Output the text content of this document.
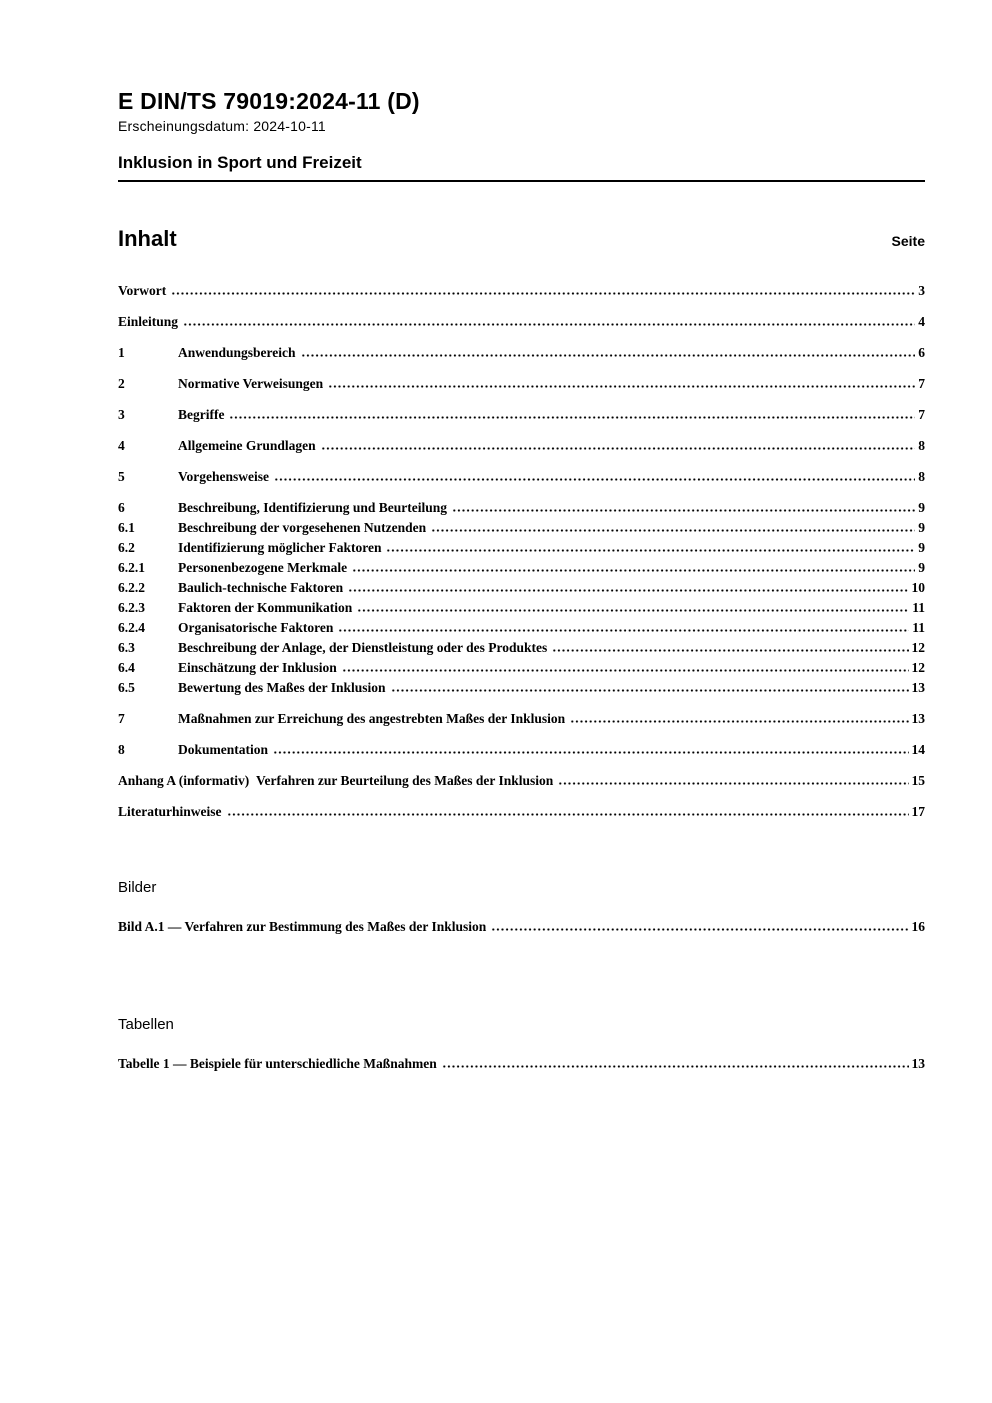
E DIN/TS 79019:2024-11 (D)
Erscheinungsdatum: 2024-10-11
Inklusion in Sport und Freizeit
Inhalt	Seite
Vorwort	3
Einleitung	4
1	Anwendungsbereich	6
2	Normative Verweisungen	7
3	Begriffe	7
4	Allgemeine Grundlagen	8
5	Vorgehensweise	8
6	Beschreibung, Identifizierung und Beurteilung	9
6.1	Beschreibung der vorgesehenen Nutzenden	9
6.2	Identifizierung möglicher Faktoren	9
6.2.1	Personenbezogene Merkmale	9
6.2.2	Baulich-technische Faktoren	10
6.2.3	Faktoren der Kommunikation	11
6.2.4	Organisatorische Faktoren	11
6.3	Beschreibung der Anlage, der Dienstleistung oder des Produktes	12
6.4	Einschätzung der Inklusion	12
6.5	Bewertung des Maßes der Inklusion	13
7	Maßnahmen zur Erreichung des angestrebten Maßes der Inklusion	13
8	Dokumentation	14
Anhang A (informativ) Verfahren zur Beurteilung des Maßes der Inklusion	15
Literaturhinweise	17
Bilder
Bild A.1 — Verfahren zur Bestimmung des Maßes der Inklusion	16
Tabellen
Tabelle 1 — Beispiele für unterschiedliche Maßnahmen	13
